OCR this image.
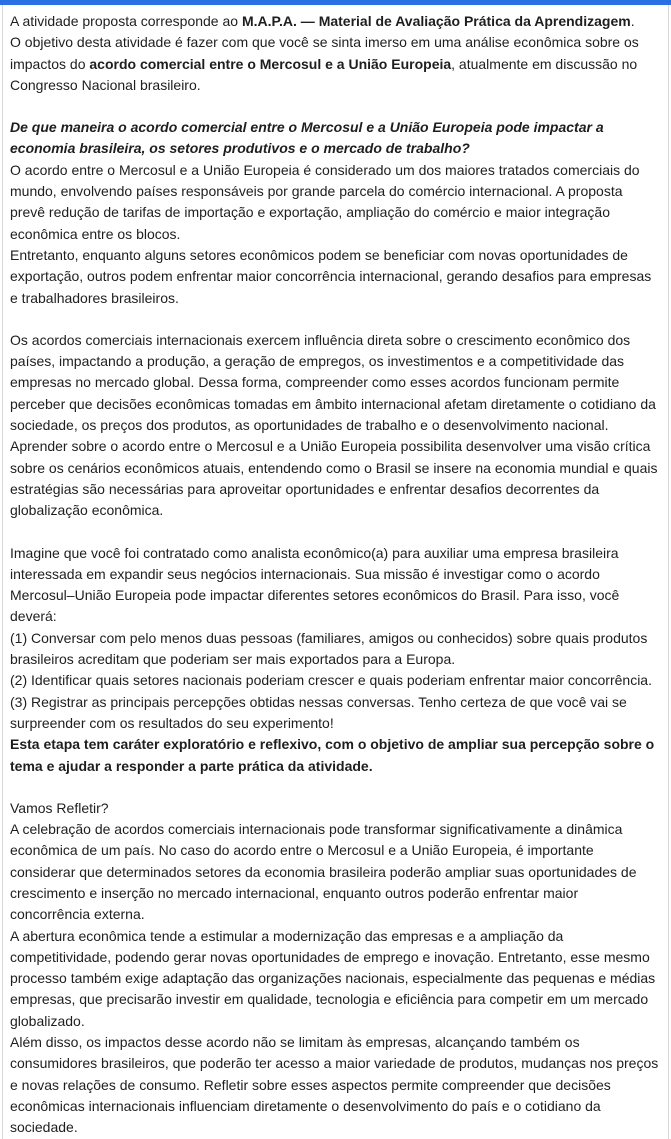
A atividade proposta corresponde ao M.A.P.A. — Material de Avaliação Prática da Aprendizagem.
O objetivo desta atividade é fazer com que você se sinta imerso em uma análise econômica sobre os impactos do acordo comercial entre o Mercosul e a União Europeia, atualmente em discussão no Congresso Nacional brasileiro.

De que maneira o acordo comercial entre o Mercosul e a União Europeia pode impactar a economia brasileira, os setores produtivos e o mercado de trabalho?

O acordo entre o Mercosul e a União Europeia é considerado um dos maiores tratados comerciais do mundo, envolvendo países responsáveis por grande parcela do comércio internacional. A proposta prevê redução de tarifas de importação e exportação, ampliação do comércio e maior integração econômica entre os blocos.
Entretanto, enquanto alguns setores econômicos podem se beneficiar com novas oportunidades de exportação, outros podem enfrentar maior concorrência internacional, gerando desafios para empresas e trabalhadores brasileiros.

Os acordos comerciais internacionais exercem influência direta sobre o crescimento econômico dos países, impactando a produção, a geração de empregos, os investimentos e a competitividade das empresas no mercado global. Dessa forma, compreender como esses acordos funcionam permite perceber que decisões econômicas tomadas em âmbito internacional afetam diretamente o cotidiano da sociedade, os preços dos produtos, as oportunidades de trabalho e o desenvolvimento nacional.
Aprender sobre o acordo entre o Mercosul e a União Europeia possibilita desenvolver uma visão crítica sobre os cenários econômicos atuais, entendendo como o Brasil se insere na economia mundial e quais estratégias são necessárias para aproveitar oportunidades e enfrentar desafios decorrentes da globalização econômica.

Imagine que você foi contratado como analista econômico(a) para auxiliar uma empresa brasileira interessada em expandir seus negócios internacionais. Sua missão é investigar como o acordo Mercosul–União Europeia pode impactar diferentes setores econômicos do Brasil. Para isso, você deverá:
(1) Conversar com pelo menos duas pessoas (familiares, amigos ou conhecidos) sobre quais produtos brasileiros acreditam que poderiam ser mais exportados para a Europa.
(2) Identificar quais setores nacionais poderiam crescer e quais poderiam enfrentar maior concorrência.
(3) Registrar as principais percepções obtidas nessas conversas. Tenho certeza de que você vai se surpreender com os resultados do seu experimento!
Esta etapa tem caráter exploratório e reflexivo, com o objetivo de ampliar sua percepção sobre o tema e ajudar a responder a parte prática da atividade.

Vamos Refletir?
A celebração de acordos comerciais internacionais pode transformar significativamente a dinâmica econômica de um país. No caso do acordo entre o Mercosul e a União Europeia, é importante considerar que determinados setores da economia brasileira poderão ampliar suas oportunidades de crescimento e inserção no mercado internacional, enquanto outros poderão enfrentar maior concorrência externa.
A abertura econômica tende a estimular a modernização das empresas e a ampliação da competitividade, podendo gerar novas oportunidades de emprego e inovação. Entretanto, esse mesmo processo também exige adaptação das organizações nacionais, especialmente das pequenas e médias empresas, que precisarão investir em qualidade, tecnologia e eficiência para competir em um mercado globalizado.
Além disso, os impactos desse acordo não se limitam às empresas, alcançando também os consumidores brasileiros, que poderão ter acesso a maior variedade de produtos, mudanças nos preços e novas relações de consumo. Refletir sobre esses aspectos permite compreender que decisões econômicas internacionais influenciam diretamente o desenvolvimento do país e o cotidiano da sociedade.
